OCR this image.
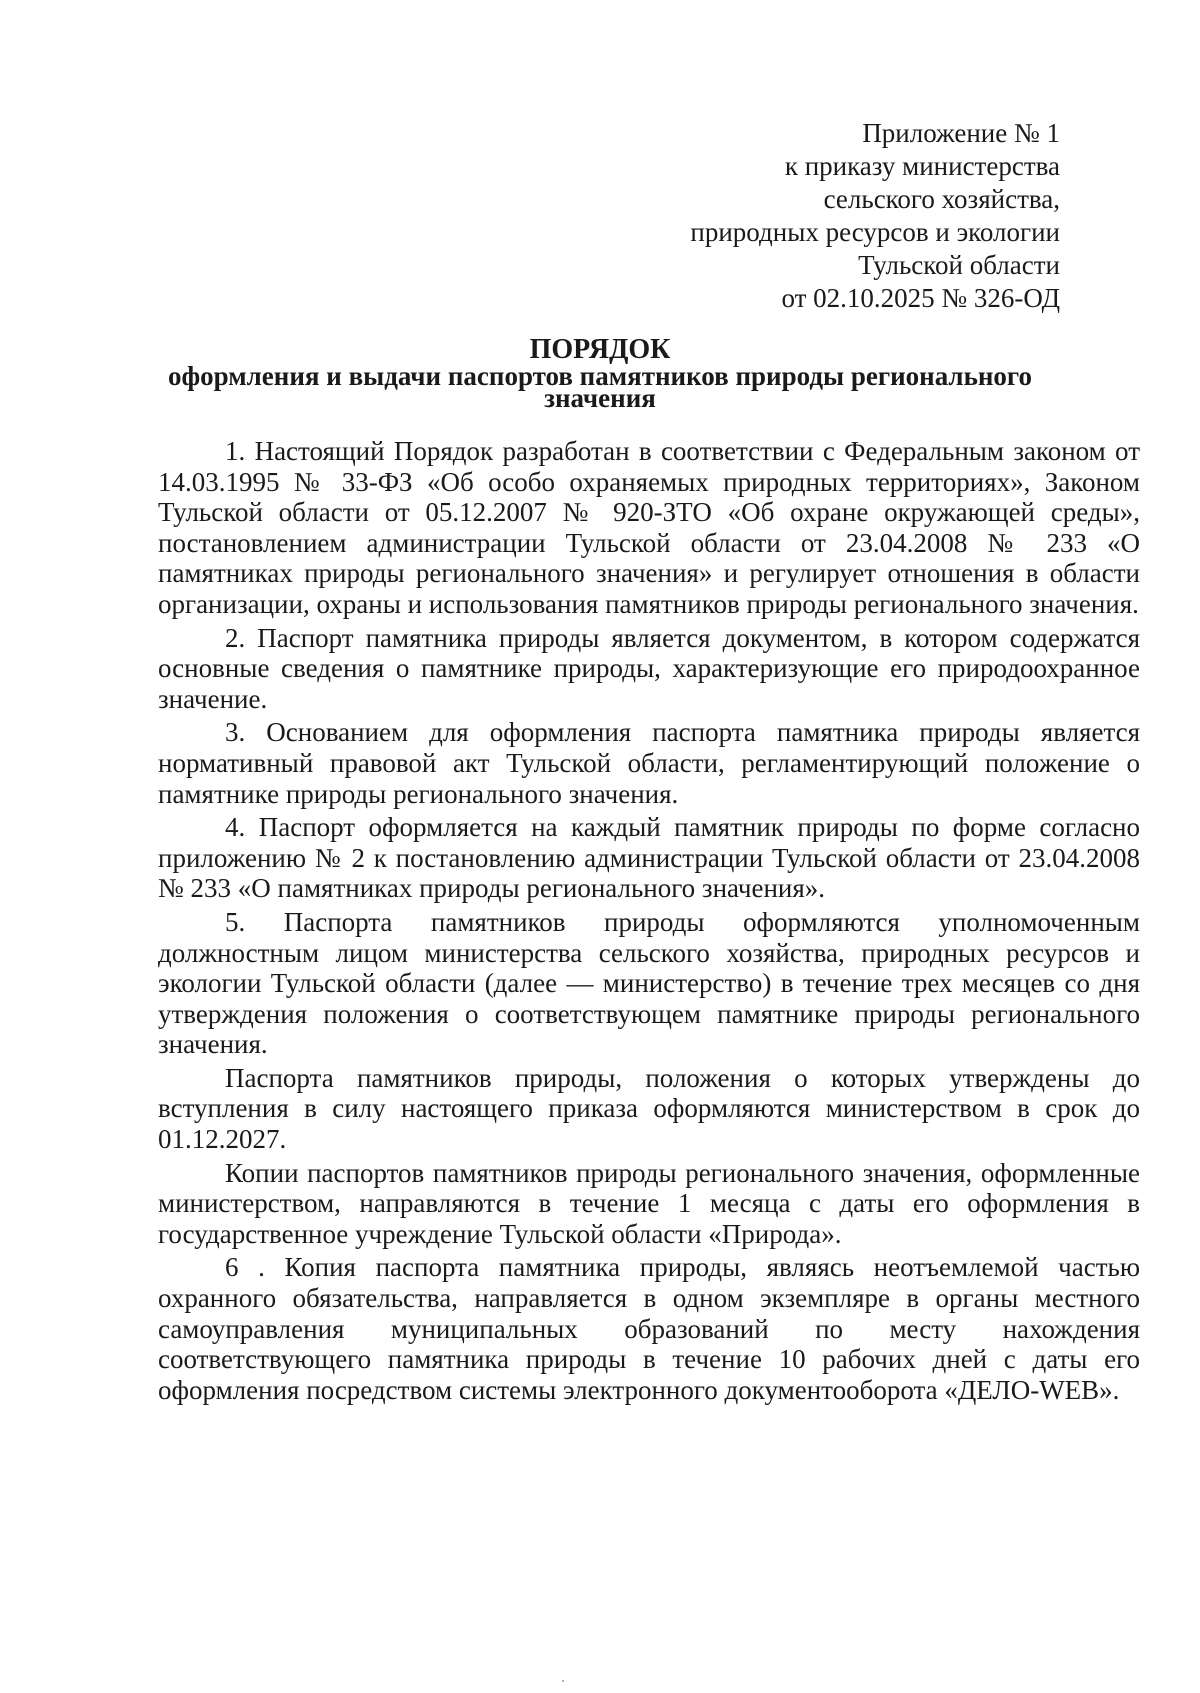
Приложение № 1
к приказу министерства
сельского хозяйства,
природных ресурсов и экологии
Тульской области
от 02.10.2025 № 326-ОД
ПОРЯДОК
оформления и выдачи паспортов памятников природы регионального
значения

1. Настоящий Порядок разработан в соответствии с Федеральным законом от 14.03.1995 № 33-ФЗ «Об особо охраняемых природных территориях», Законом Тульской области от 05.12.2007 № 920-ЗТО «Об охране окружающей среды», постановлением администрации Тульской области от 23.04.2008 № 233 «О памятниках природы регионального значения» и регулирует отношения в области организации, охраны и использования памятников природы регионального значения.

2. Паспорт памятника природы является документом, в котором содержатся основные сведения о памятнике природы, характеризующие его природоохранное значение.

3. Основанием для оформления паспорта памятника природы является нормативный правовой акт Тульской области, регламентирующий положение о памятнике природы регионального значения.

4. Паспорт оформляется на каждый памятник природы по форме согласно приложению № 2 к постановлению администрации Тульской области от 23.04.2008 № 233 «О памятниках природы регионального значения».

5. Паспорта памятников природы оформляются уполномоченным должностным лицом министерства сельского хозяйства, природных ресурсов и экологии Тульской области (далее — министерство) в течение трех месяцев со дня утверждения положения о соответствующем памятнике природы регионального значения.

Паспорта памятников природы, положения о которых утверждены до вступления в силу настоящего приказа оформляются министерством в срок до 01.12.2027.

Копии паспортов памятников природы регионального значения, оформленные министерством, направляются в течение 1 месяца с даты его оформления в государственное учреждение Тульской области «Природа».

6 . Копия паспорта памятника природы, являясь неотъемлемой частью охранного обязательства, направляется в одном экземпляре в органы местного самоуправления муниципальных образований по месту нахождения соответствующего памятника природы в течение 10 рабочих дней с даты его оформления посредством системы электронного документооборота «ДЕЛО-WEB».
